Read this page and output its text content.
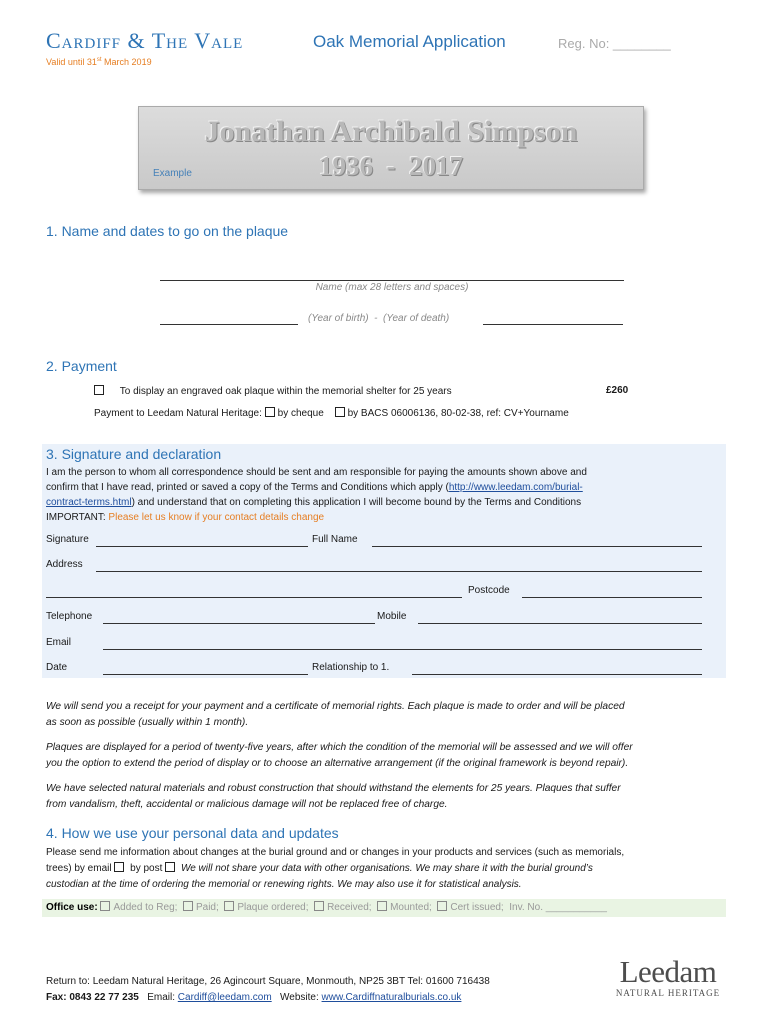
Cardiff & The Vale	Oak Memorial Application	Reg. No: ________
Valid until 31st March 2019
Jonathan Archibald Simpson
1936  -  2017
Example
1. Name and dates to go on the plaque
Name (max 28 letters and spaces)
(Year of birth)  -  (Year of death)
2. Payment
To display an engraved oak plaque within the memorial shelter for 25 years	£260
Payment to Leedam Natural Heritage: by cheque by BACS 06006136, 80-02-38, ref: CV+Yourname
3. Signature and declaration
I am the person to whom all correspondence should be sent and am responsible for paying the amounts shown above and
confirm that I have read, printed or saved a copy of the Terms and Conditions which apply (http://www.leedam.com/burial-
contract-terms.html) and understand that on completing this application I will become bound by the Terms and Conditions
IMPORTANT: Please let us know if your contact details change
Signature	Full Name
Address
Postcode
Telephone	Mobile
Email
Date	Relationship to 1.
We will send you a receipt for your payment and a certificate of memorial rights. Each plaque is made to order and will be placed
as soon as possible (usually within 1 month).
Plaques are displayed for a period of twenty-five years, after which the condition of the memorial will be assessed and we will offer
you the option to extend the period of display or to choose an alternative arrangement (if the original framework is beyond repair).
We have selected natural materials and robust construction that should withstand the elements for 25 years. Plaques that suffer
from vandalism, theft, accidental or malicious damage will not be replaced free of charge.
4. How we use your personal data and updates
Please send me information about changes at the burial ground and or changes in your products and services (such as memorials,
trees) by email by post We will not share your data with other organisations. We may share it with the burial ground’s
custodian at the time of ordering the memorial or renewing rights. We may also use it for statistical analysis.
Office use: Added to Reg; Paid; Plaque ordered; Received; Mounted; Cert issued; Inv. No. ___________
Return to: Leedam Natural Heritage, 26 Agincourt Square, Monmouth, NP25 3BT Tel: 01600 716438
Fax: 0843 22 77 235 Email: Cardiff@leedam.com Website: www.Cardiffnaturalburials.co.uk
Leedam
NATURAL HERITAGE
